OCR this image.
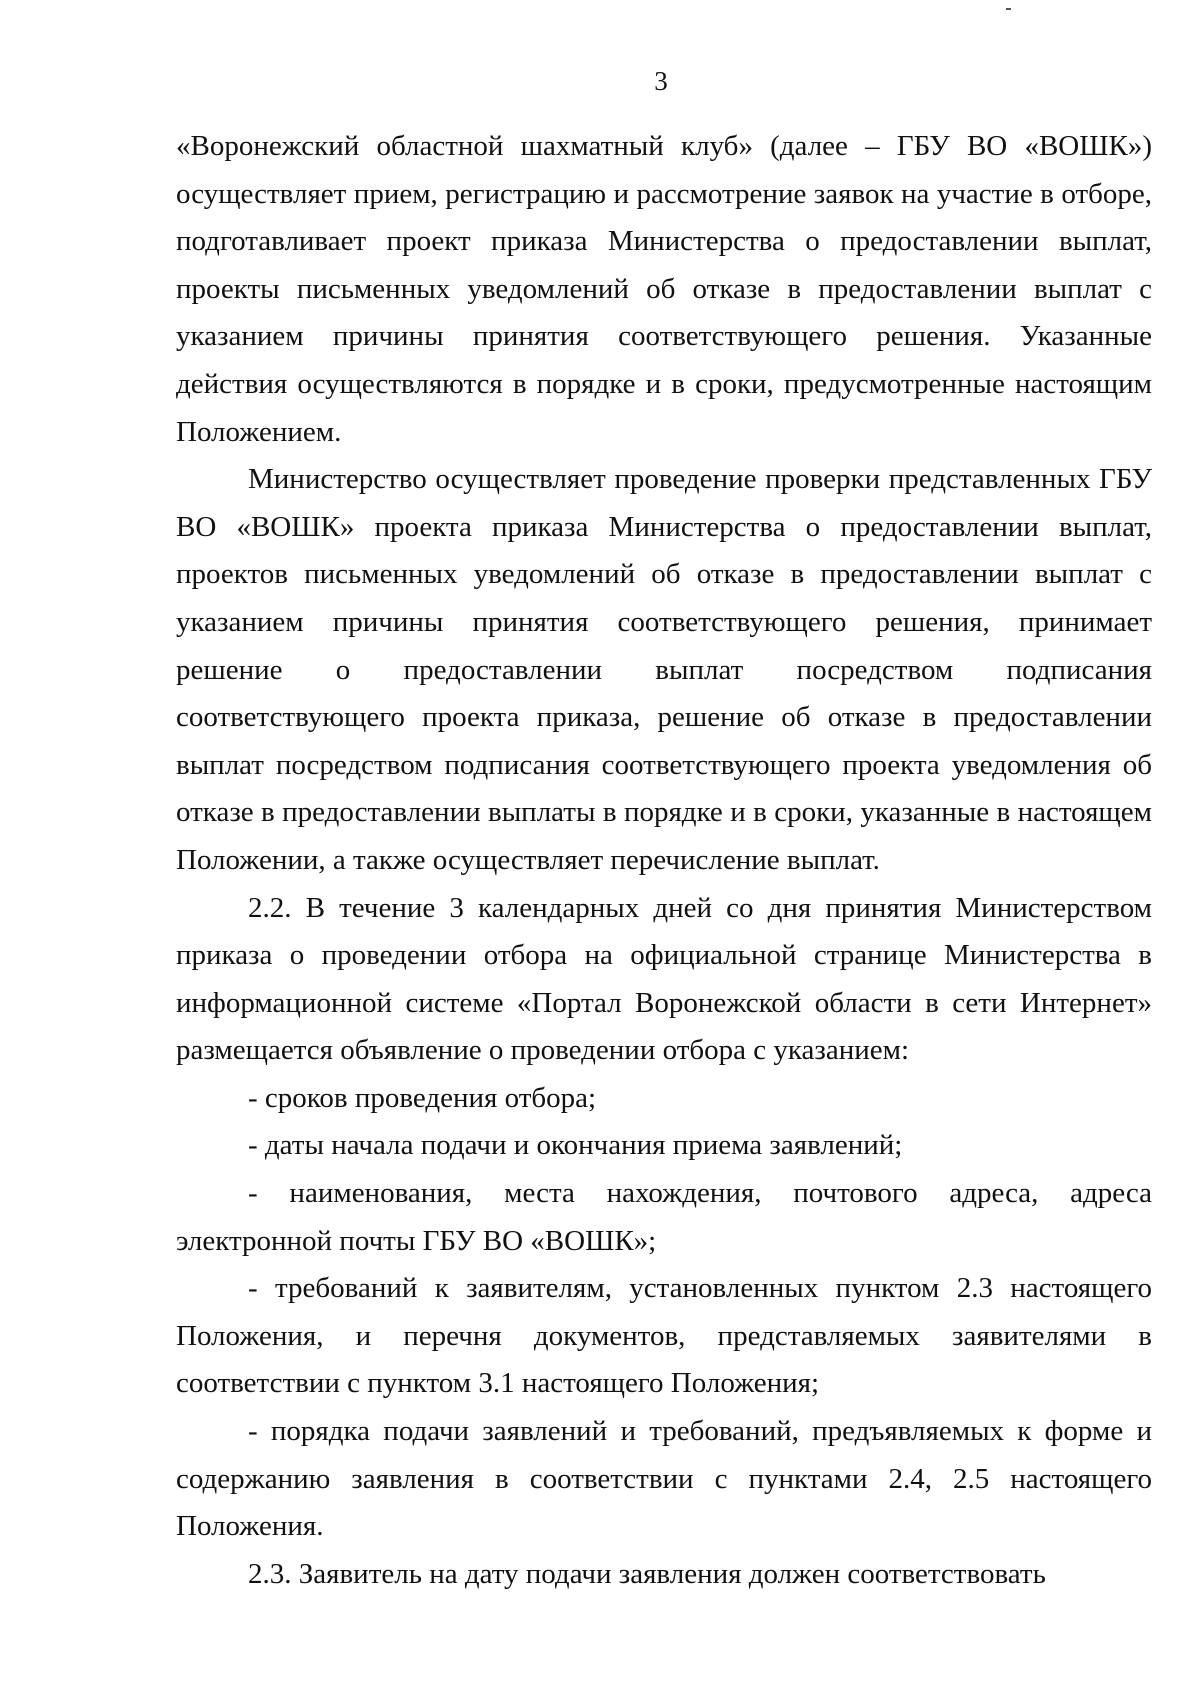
3

«Воронежский областной шахматный клуб» (далее – ГБУ ВО «ВОШК») осуществляет прием, регистрацию и рассмотрение заявок на участие в отборе, подготавливает проект приказа Министерства о предоставлении выплат, проекты письменных уведомлений об отказе в предоставлении выплат с указанием причины принятия соответствующего решения. Указанные действия осуществляются в порядке и в сроки, предусмотренные настоящим Положением.

Министерство осуществляет проведение проверки представленных ГБУ ВО «ВОШК» проекта приказа Министерства о предоставлении выплат, проектов письменных уведомлений об отказе в предоставлении выплат с указанием причины принятия соответствующего решения, принимает решение о предоставлении выплат посредством подписания соответствующего проекта приказа, решение об отказе в предоставлении выплат посредством подписания соответствующего проекта уведомления об отказе в предоставлении выплаты в порядке и в сроки, указанные в настоящем Положении, а также осуществляет перечисление выплат.

2.2. В течение 3 календарных дней со дня принятия Министерством приказа о проведении отбора на официальной странице Министерства в информационной системе «Портал Воронежской области в сети Интернет» размещается объявление о проведении отбора с указанием:

- сроков проведения отбора;

- даты начала подачи и окончания приема заявлений;

- наименования, места нахождения, почтового адреса, адреса электронной почты ГБУ ВО «ВОШК»;

- требований к заявителям, установленных пунктом 2.3 настоящего Положения, и перечня документов, представляемых заявителями в соответствии с пунктом 3.1 настоящего Положения;

- порядка подачи заявлений и требований, предъявляемых к форме и содержанию заявления в соответствии с пунктами 2.4, 2.5 настоящего Положения.

2.3. Заявитель на дату подачи заявления должен соответствовать
